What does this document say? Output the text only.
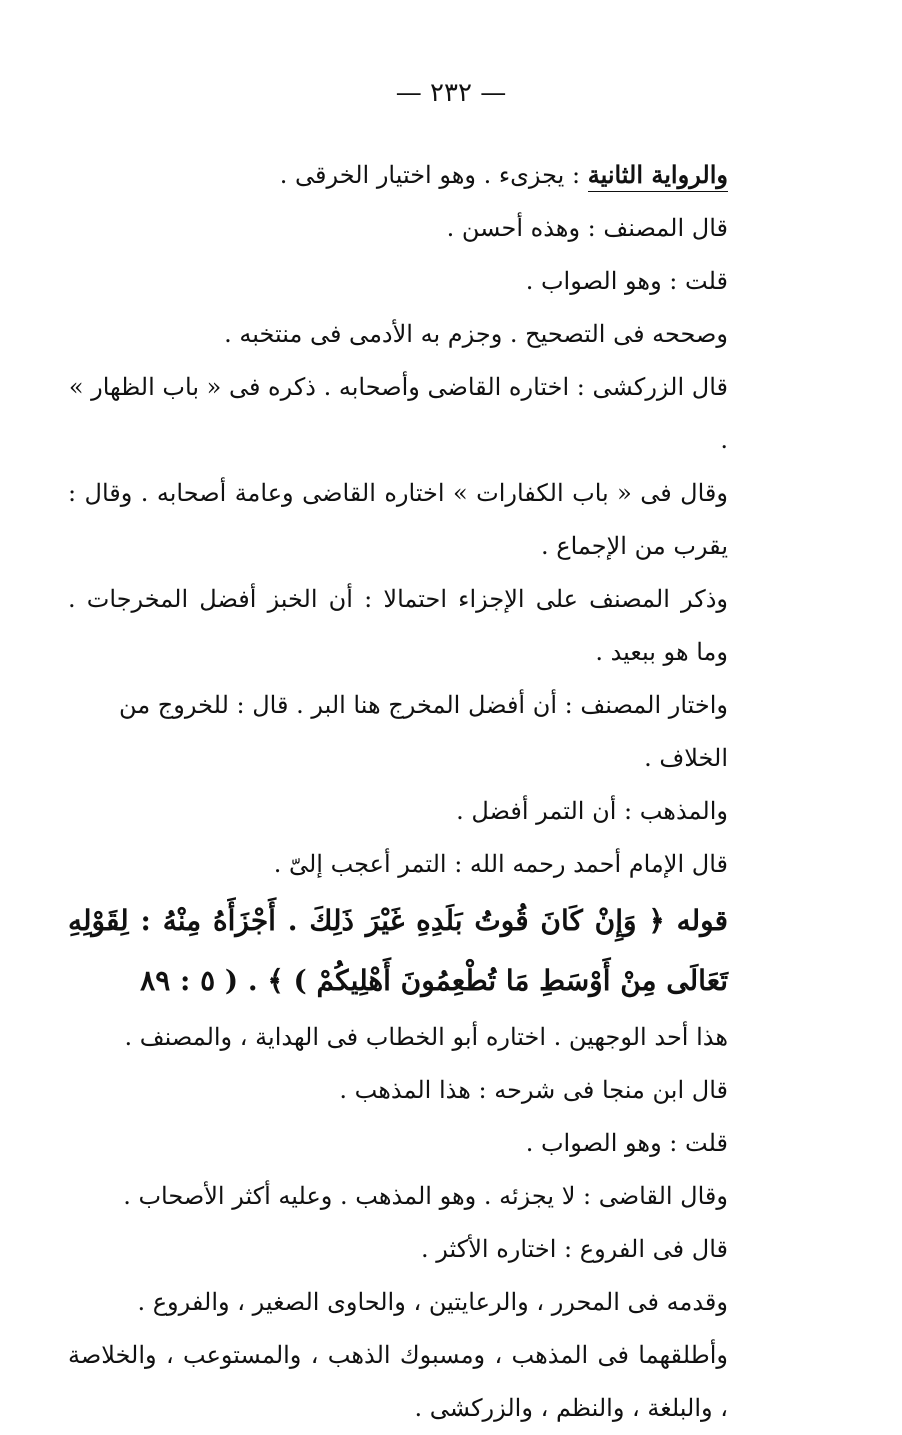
— ٢٣٢ —

والرواية الثانية : يجزىء . وهو اختيار الخرقى .

قال المصنف : وهذه أحسن .

قلت : وهو الصواب .

وصححه فى التصحيح . وجزم به الأدمى فى منتخبه .

قال الزركشى : اختاره القاضى وأصحابه . ذكره فى « باب الظهار » .

وقال فى « باب الكفارات » اختاره القاضى وعامة أصحابه . وقال : يقرب من الإجماع .

وذكر المصنف على الإجزاء احتمالا : أن الخبز أفضل المخرجات . وما هو ببعيد .

واختار المصنف : أن أفضل المخرج هنا البر . قال : للخروج من الخلاف .

والمذهب : أن التمر أفضل .

قال الإمام أحمد رحمه الله : التمر أعجب إلىّ .

قوله ﴿ وَإِنْ كَانَ قُوتُ بَلَدِهِ غَيْرَ ذَلِكَ . أَجْزَأَهُ مِنْهُ : لِقَوْلِهِ تَعَالَى مِنْ أَوْسَطِ مَا تُطْعِمُونَ أَهْلِيكُمْ ) ﴾ . ( ٥ : ٨٩

هذا أحد الوجهين . اختاره أبو الخطاب فى الهداية ، والمصنف .

قال ابن منجا فى شرحه : هذا المذهب .

قلت : وهو الصواب .

وقال القاضى : لا يجزئه . وهو المذهب . وعليه أكثر الأصحاب .

قال فى الفروع : اختاره الأكثر .

وقدمه فى المحرر ، والرعايتين ، والحاوى الصغير ، والفروع .

وأطلقهما فى المذهب ، ومسبوك الذهب ، والمستوعب ، والخلاصة ، والبلغة ، والنظم ، والزركشى .
